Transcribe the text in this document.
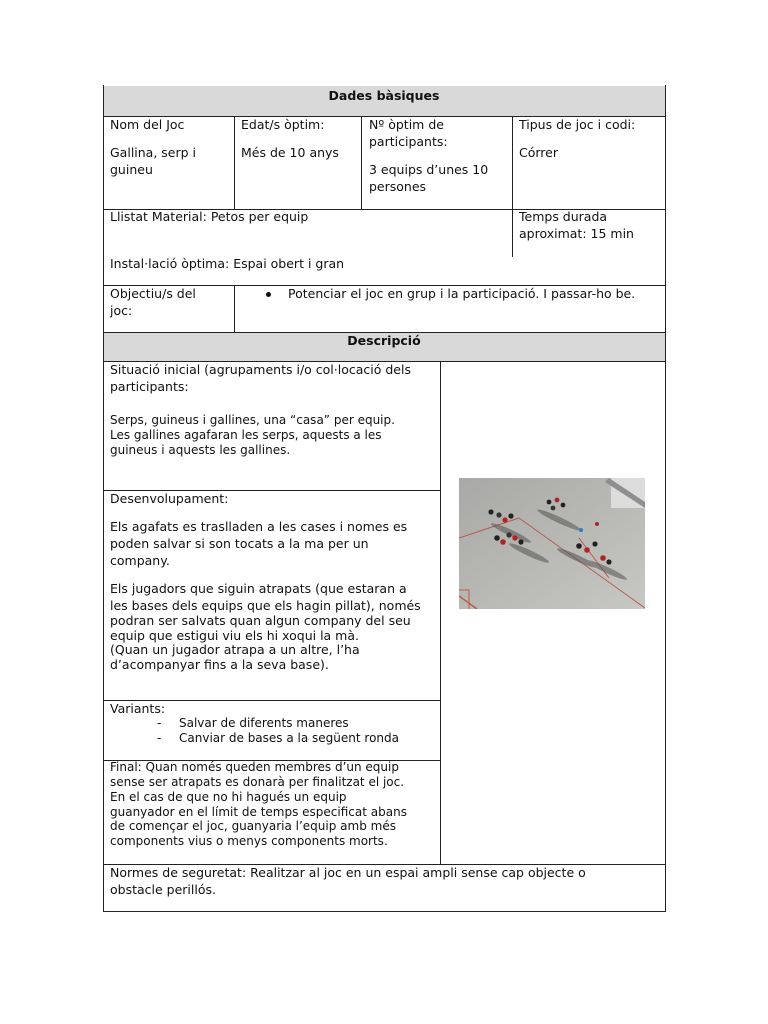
Dades bàsiques
Descripció
Nom del Joc
Gallina, serp i
guineu
Edat/s òptim:
Més de 10 anys
Nº òptim de
participants:
3 equips d’unes 10
persones
Tipus de joc i codi:
Córrer
Llistat Material: Petos per equip	Temps durada
aproximat: 15 min
Instal·lació òptima: Espai obert i gran
Objectiu/s del
joc:
Potenciar el joc en grup i la participació. I passar-ho be.
Situació inicial (agrupaments i/o col·locació dels
participants:
Serps, guineus i gallines, una “casa” per equip.
Les gallines agafaran les serps, aquests a les
guineus i aquests les gallines.
Desenvolupament:
Els agafats es traslladen a les cases i nomes es
poden salvar si son tocats a la ma per un
company.
Els jugadors que siguin atrapats (que estaran a
les bases dels equips que els hagin pillat), només
podran ser salvats quan algun company del seu
equip que estigui viu els hi xoqui la mà.
(Quan un jugador atrapa a un altre, l’ha
d’acompanyar fins a la seva base).
Variants:
- Salvar de diferents maneres
- Canviar de bases a la següent ronda
Final: Quan només queden membres d’un equip
sense ser atrapats es donarà per finalitzat el joc.
En el cas de que no hi hagués un equip
guanyador en el límit de temps especificat abans
de començar el joc, guanyaria l’equip amb més
components vius o menys components morts.
Normes de seguretat: Realitzar al joc en un espai ampli sense cap objecte o
obstacle perillós.
